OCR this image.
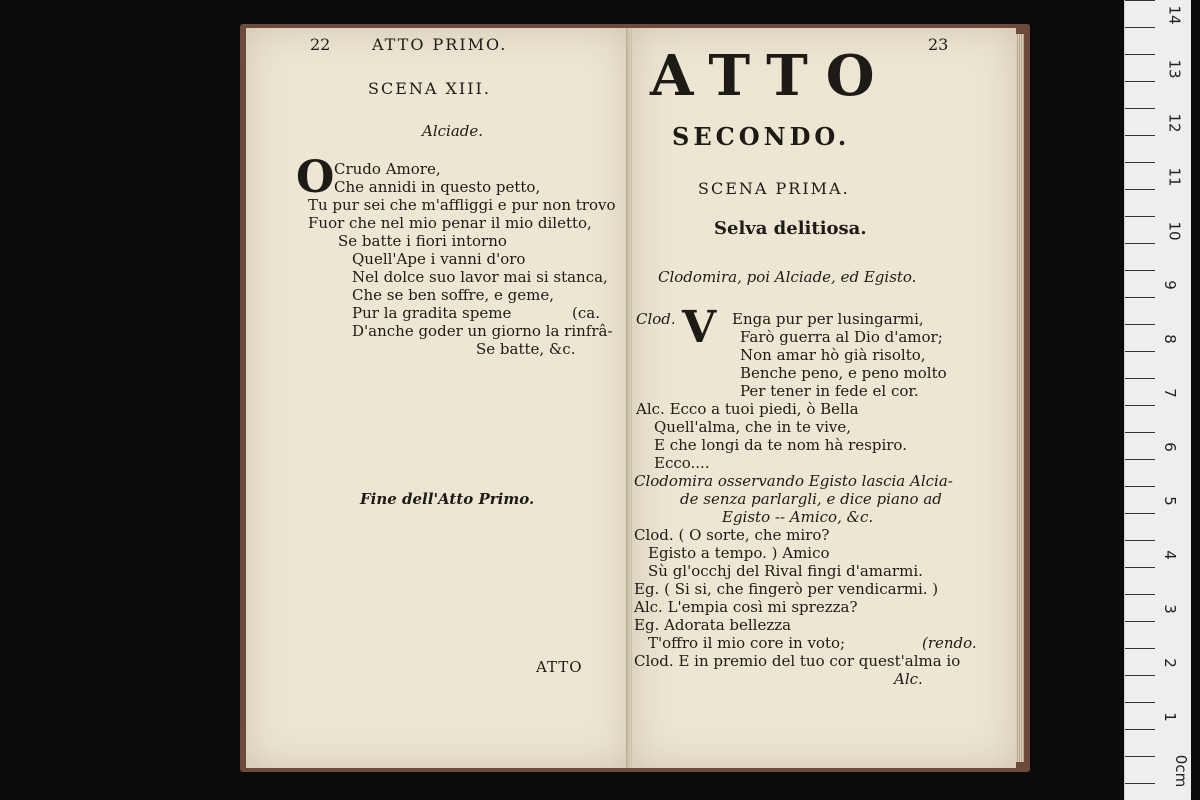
22	ATTO PRIMO.
SCENA XIII.
Alciade.
O Crudo Amore,
Che annidi in questo petto,
Tu pur sei che m'affliggi e pur non trovo
Fuor che nel mio penar il mio diletto,
Se batte i fiori intorno
Quell'Ape i vanni d'oro
Nel dolce suo lavor mai si stanca,
Che se ben soffre, e geme,
Pur la gradita speme	(ca.
D'anche goder un giorno la rinfrâ-
Se batte, &c.
Fine dell'Atto Primo.
ATTO
23
ATTO
SECONDO.
SCENA PRIMA.
Selva delitiosa.
Clodomira, poi Alciade, ed Egisto.
Clod. V Enga pur per lusingarmi,
Farò guerra al Dio d'amor;
Non amar hò già risolto,
Benche peno, e peno molto
Per tener in fede el cor.
Alc. Ecco a tuoi piedi, ò Bella
Quell'alma, che in te vive,
E che longi da te nom hà respiro.
Ecco....
Clodomira osservando Egisto lascia Alcia-
de senza parlargli, e dice piano ad
Egisto -- Amico, &c.
Clod. ( O sorte, che miro?
Egisto a tempo. ) Amico
Sù gl'occhj del Rival fingi d'amarmi.
Eg. ( Si si, che fingerò per vendicarmi. )
Alc. L'empia così mi sprezza?
Eg. Adorata bellezza
T'offro il mio core in voto;	(rendo.
Clod. E in premio del tuo cor quest'alma io
Alc.
14
13
12
11
10
9
8
7
6
5
4
3
2
1
0cm
